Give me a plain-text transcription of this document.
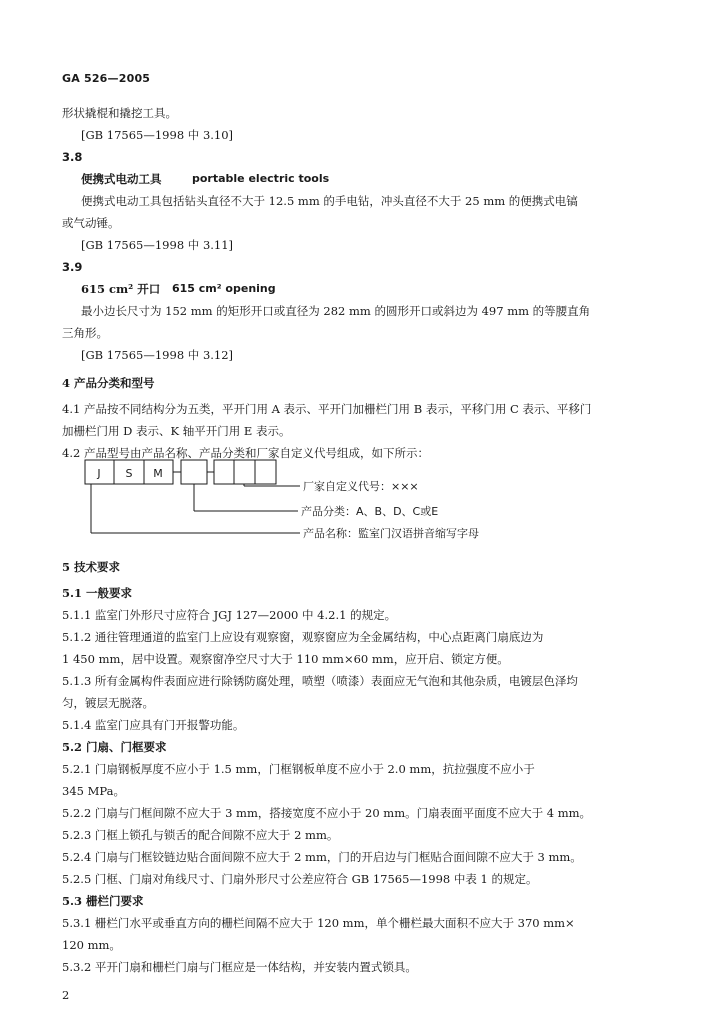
GA 526—2005
形状撬棍和撬挖工具。
[GB 17565—1998 中 3.10]
3.8
便携式电动工具	portable electric tools
便携式电动工具包括钻头直径不大于 12.5 mm 的手电钻，冲头直径不大于 25 mm 的便携式电镐
或气动锤。
[GB 17565—1998 中 3.11]
3.9
615 cm² 开口 615 cm² opening
最小边长尺寸为 152 mm 的矩形开口或直径为 282 mm 的圆形开口或斜边为 497 mm 的等腰直角
三角形。
[GB 17565—1998 中 3.12]
4 产品分类和型号
4.1 产品按不同结构分为五类，平开门用 A 表示、平开门加栅栏门用 B 表示，平移门用 C 表示、平移门
加栅栏门用 D 表示、K 轴平开门用 E 表示。
4.2 产品型号由产品名称、产品分类和厂家自定义代号组成，如下所示：
J S M
厂家自定义代号：×××
产品分类：A、B、D、C或E
产品名称：監室门汉语拼音缩写字母
5 技术要求
5.1 一般要求
5.1.1 监室门外形尺寸应符合 JGJ 127—2000 中 4.2.1 的规定。
5.1.2 通往管理通道的监室门上应设有观察窗，观察窗应为全金属结构，中心点距离门扇底边为
1 450 mm，居中设置。观察窗净空尺寸大于 110 mm×60 mm，应开启、锁定方便。
5.1.3 所有金属构件表面应进行除锈防腐处理，喷塑（喷漆）表面应无气泡和其他杂质，电镀层色泽均
匀，镀层无脱落。
5.1.4 监室门应具有门开报警功能。
5.2 门扇、门框要求
5.2.1 门扇钢板厚度不应小于 1.5 mm，门框钢板单度不应小于 2.0 mm，抗拉强度不应小于
345 MPa。
5.2.2 门扇与门框间隙不应大于 3 mm，搭接宽度不应小于 20 mm。门扇表面平面度不应大于 4 mm。
5.2.3 门框上锁孔与锁舌的配合间隙不应大于 2 mm。
5.2.4 门扇与门框铰链边贴合面间隙不应大于 2 mm，门的开启边与门框贴合面间隙不应大于 3 mm。
5.2.5 门框、门扇对角线尺寸、门扇外形尺寸公差应符合 GB 17565—1998 中表 1 的规定。
5.3 栅栏门要求
5.3.1 栅栏门水平或垂直方向的栅栏间隔不应大于 120 mm，单个栅栏最大面积不应大于 370 mm×
120 mm。
5.3.2 平开门扇和栅栏门扇与门框应是一体结构，并安装内置式锁具。
2
